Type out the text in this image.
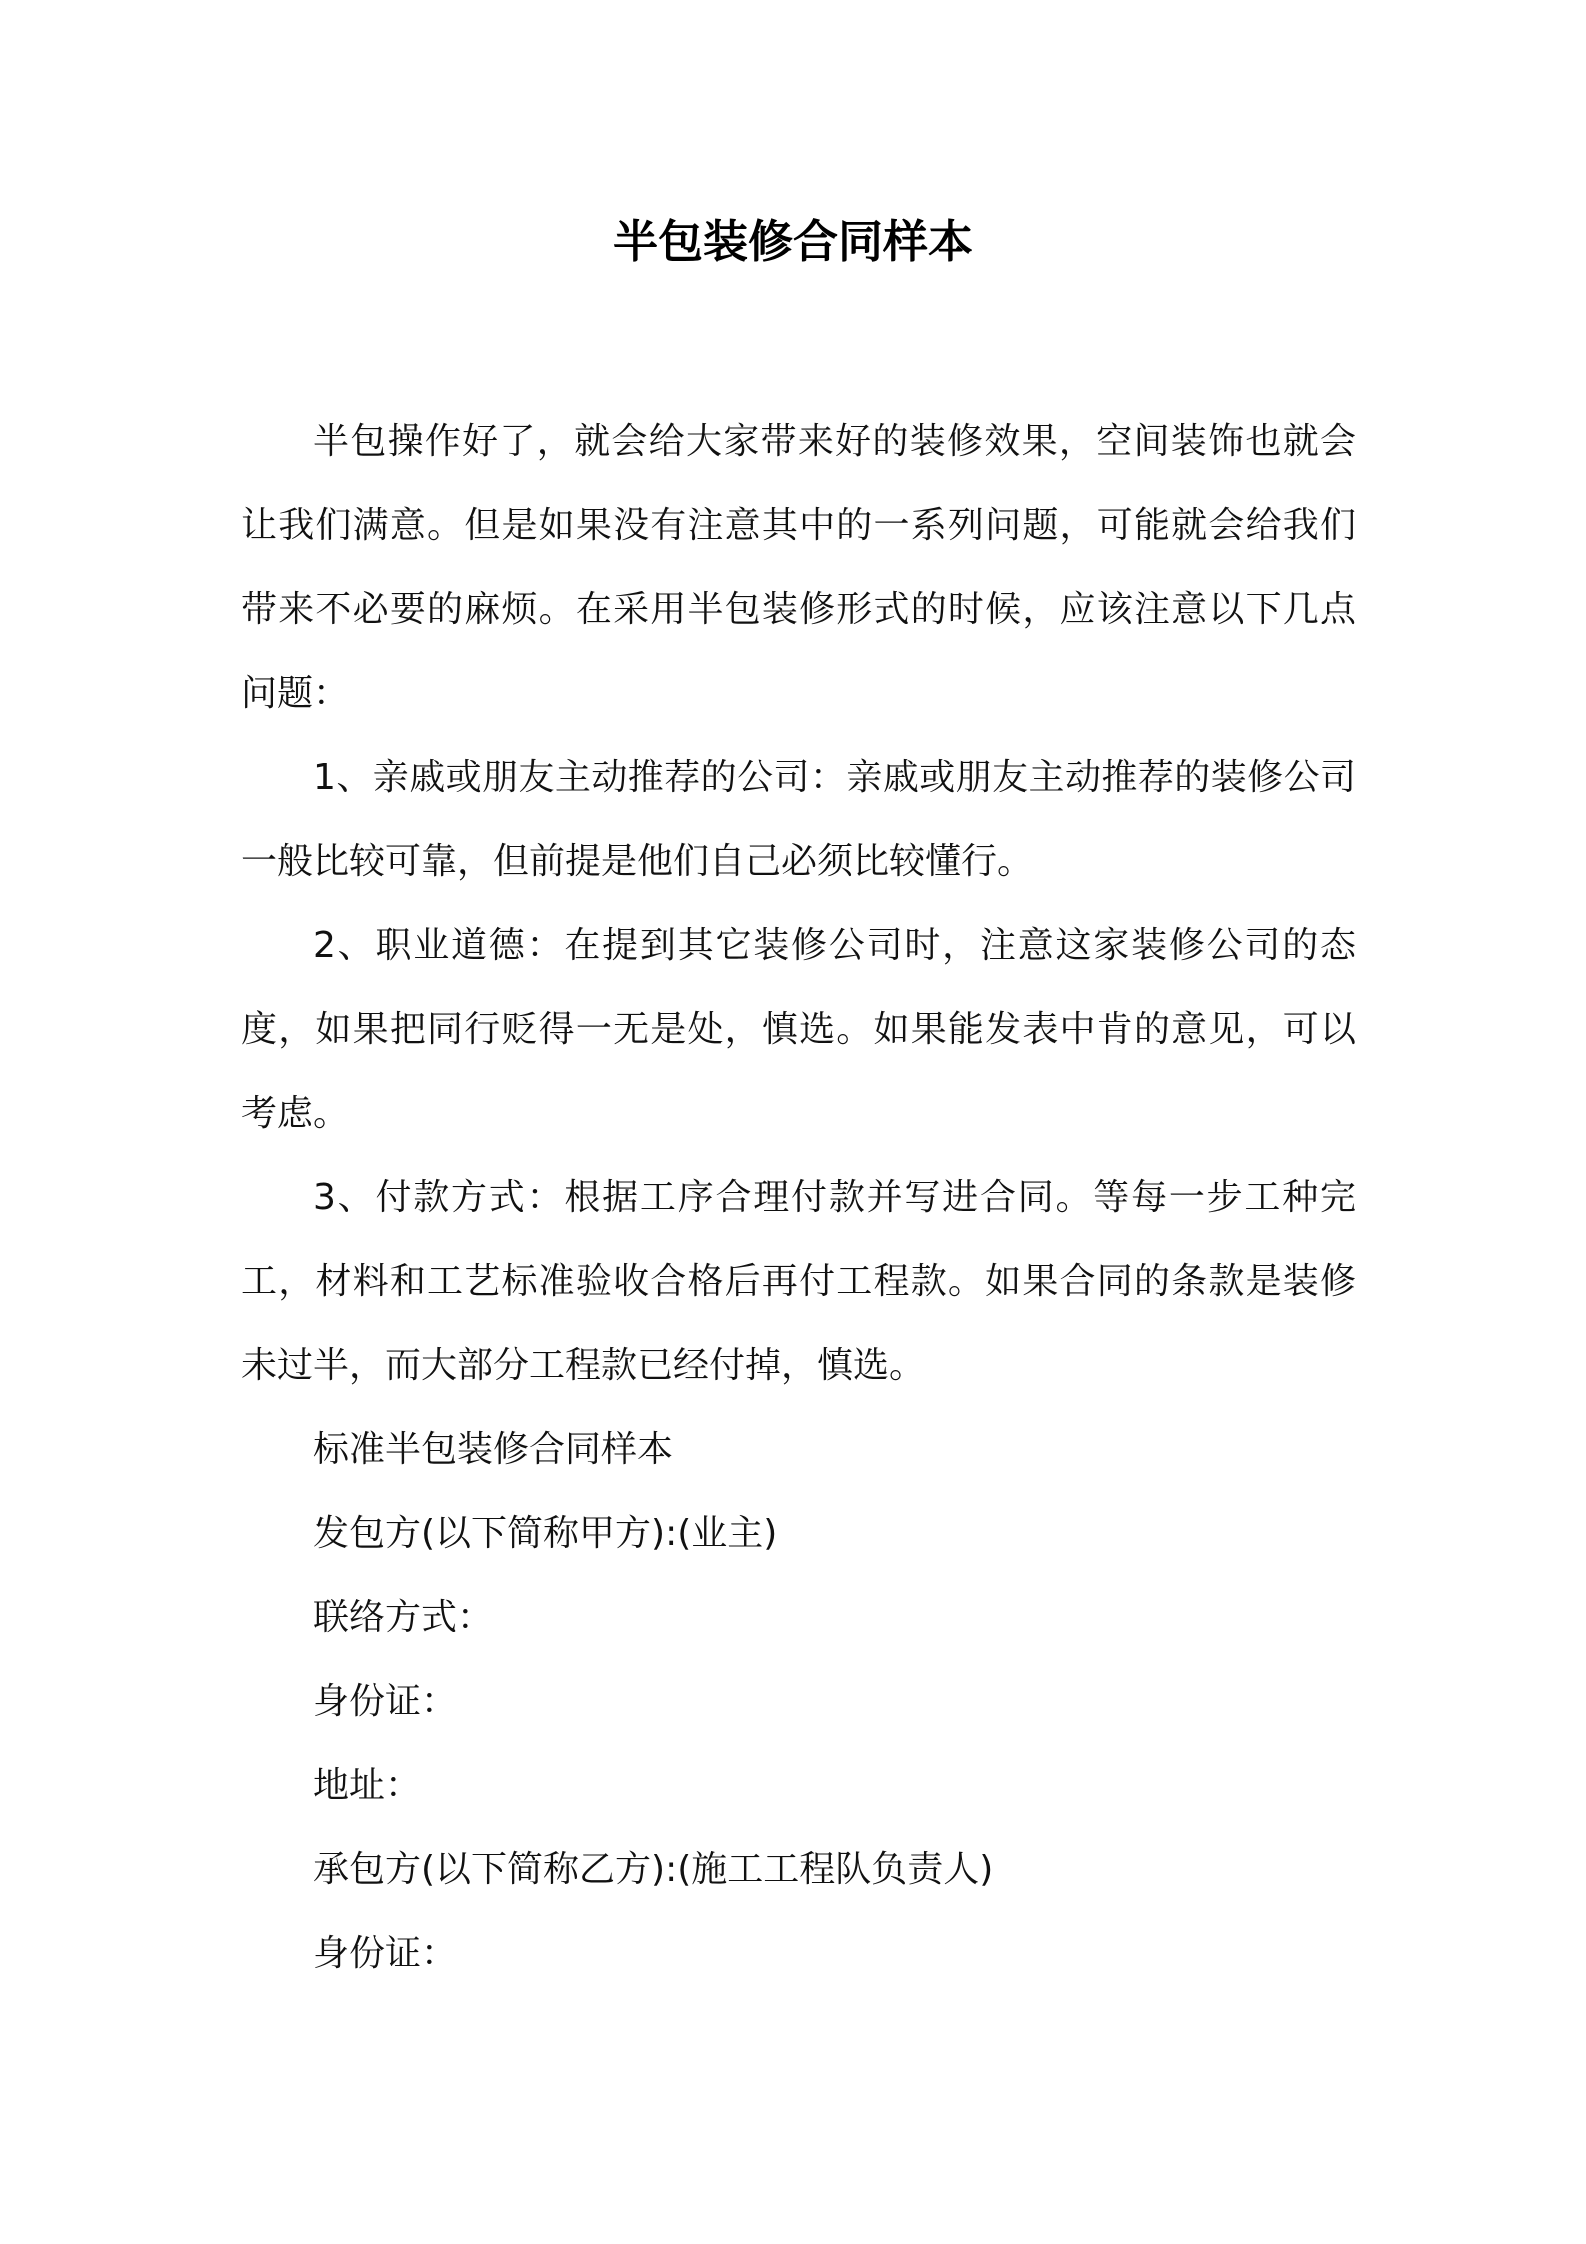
半包装修合同样本

半包操作好了，就会给大家带来好的装修效果，空间装饰也就会让我们满意。但是如果没有注意其中的一系列问题，可能就会给我们带来不必要的麻烦。在采用半包装修形式的时候，应该注意以下几点问题：

1、亲戚或朋友主动推荐的公司：亲戚或朋友主动推荐的装修公司一般比较可靠，但前提是他们自己必须比较懂行。

2、职业道德：在提到其它装修公司时，注意这家装修公司的态度，如果把同行贬得一无是处，慎选。如果能发表中肯的意见，可以考虑。

3、付款方式：根据工序合理付款并写进合同。等每一步工种完工，材料和工艺标准验收合格后再付工程款。如果合同的条款是装修未过半，而大部分工程款已经付掉，慎选。

标准半包装修合同样本

发包方(以下简称甲方):(业主)

联络方式：

身份证：

地址：

承包方(以下简称乙方):(施工工程队负责人)

身份证：
